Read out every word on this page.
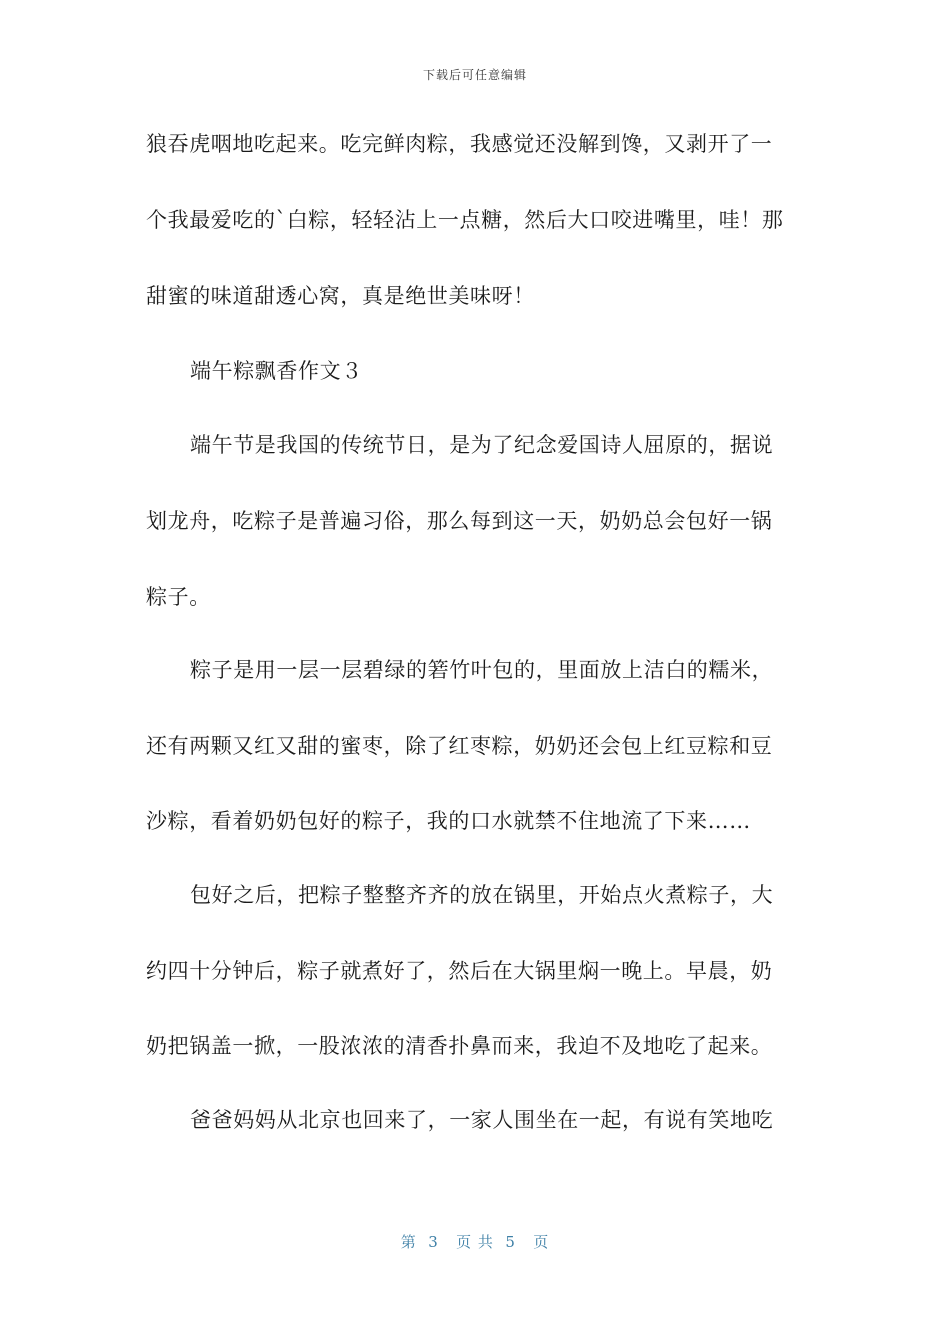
下载后可任意编辑
狼吞虎咽地吃起来。吃完鲜肉粽，我感觉还没解到馋，又剥开了一
个我最爱吃的`白粽，轻轻沾上一点糖，然后大口咬进嘴里，哇！那
甜蜜的味道甜透心窝，真是绝世美味呀！
端午粽飘香作文３
端午节是我国的传统节日，是为了纪念爱国诗人屈原的，据说
划龙舟，吃粽子是普遍习俗，那么每到这一天，奶奶总会包好一锅
粽子。
粽子是用一层一层碧绿的箬竹叶包的，里面放上洁白的糯米，
还有两颗又红又甜的蜜枣，除了红枣粽，奶奶还会包上红豆粽和豆
沙粽，看着奶奶包好的粽子，我的口水就禁不住地流了下来……
包好之后，把粽子整整齐齐的放在锅里，开始点火煮粽子，大
约四十分钟后，粽子就煮好了，然后在大锅里焖一晚上。早晨，奶
奶把锅盖一掀，一股浓浓的清香扑鼻而来，我迫不及地吃了起来。
爸爸妈妈从北京也回来了，一家人围坐在一起，有说有笑地吃
第  3   页 共  5   页
